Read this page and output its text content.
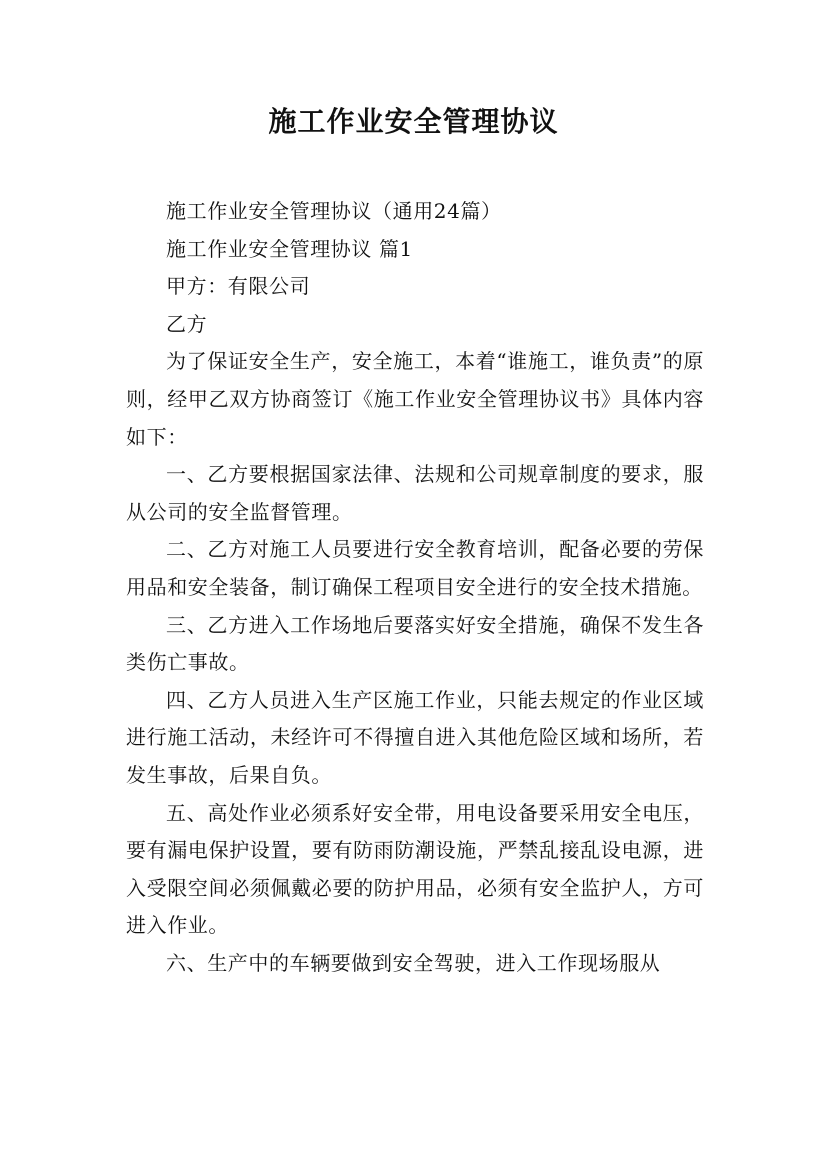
施工作业安全管理协议

施工作业安全管理协议（通用24篇）

施工作业安全管理协议 篇1

甲方：有限公司

乙方

为了保证安全生产，安全施工，本着“谁施工，谁负责”的原则，经甲乙双方协商签订《施工作业安全管理协议书》具体内容如下：

一、乙方要根据国家法律、法规和公司规章制度的要求，服从公司的安全监督管理。

二、乙方对施工人员要进行安全教育培训，配备必要的劳保用品和安全装备，制订确保工程项目安全进行的安全技术措施。

三、乙方进入工作场地后要落实好安全措施，确保不发生各类伤亡事故。

四、乙方人员进入生产区施工作业，只能去规定的作业区域进行施工活动，未经许可不得擅自进入其他危险区域和场所，若发生事故，后果自负。

五、高处作业必须系好安全带，用电设备要采用安全电压，要有漏电保护设置，要有防雨防潮设施，严禁乱接乱设电源，进入受限空间必须佩戴必要的防护用品，必须有安全监护人，方可进入作业。

六、生产中的车辆要做到安全驾驶，进入工作现场服从
